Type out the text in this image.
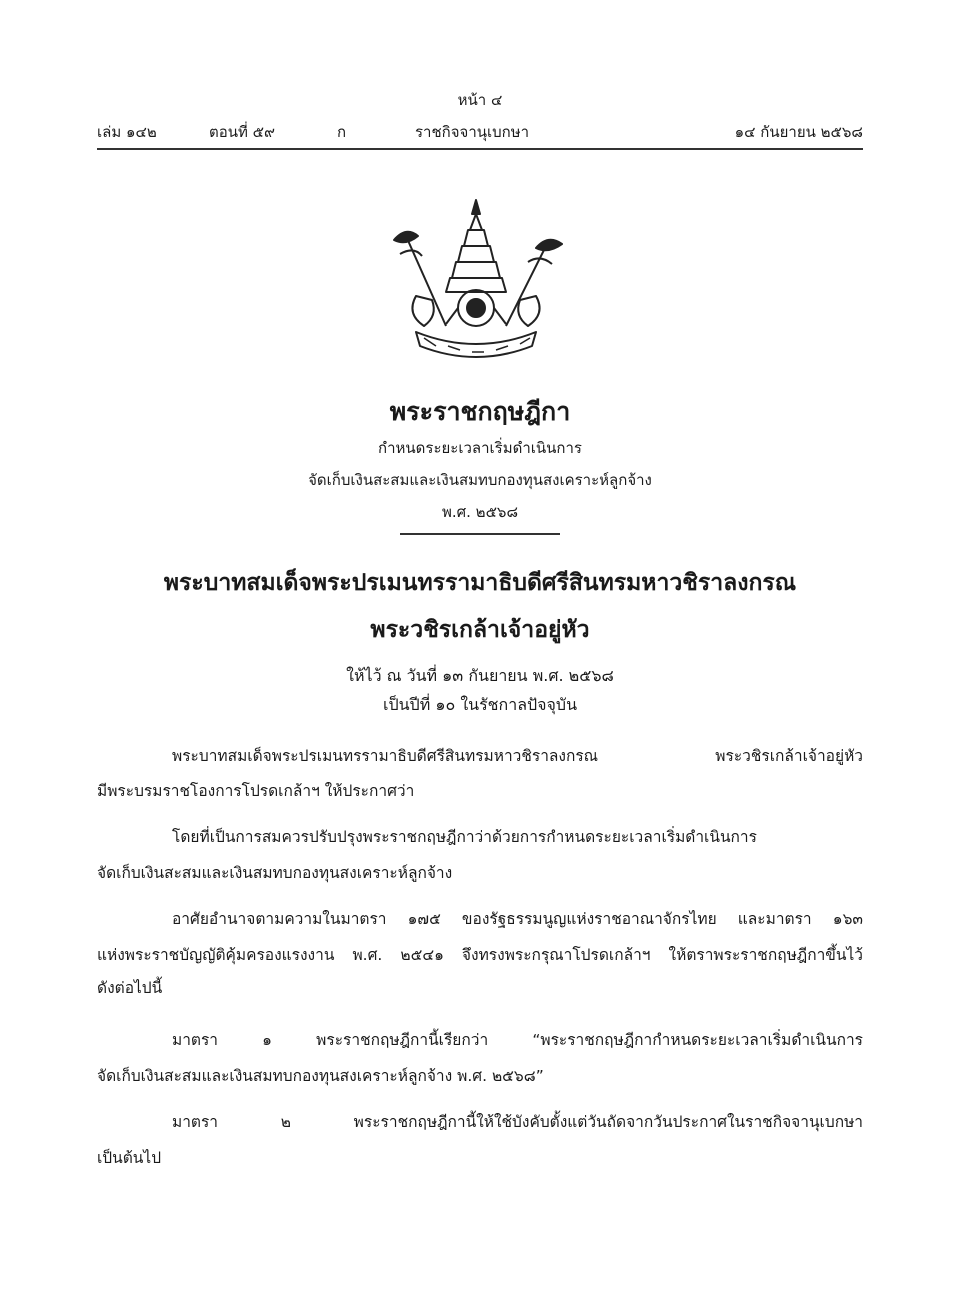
หน้า ๔
เล่ม ๑๔๒	ตอนที่ ๕๙	ก	ราชกิจจานุเบกษา	๑๔ กันยายน ๒๕๖๘
พระราชกฤษฎีกา
กำหนดระยะเวลาเริ่มดำเนินการ
จัดเก็บเงินสะสมและเงินสมทบกองทุนสงเคราะห์ลูกจ้าง
พ.ศ. ๒๕๖๘
พระบาทสมเด็จพระปรเมนทรรามาธิบดีศรีสินทรมหาวชิราลงกรณ
พระวชิรเกล้าเจ้าอยู่หัว
ให้ไว้ ณ วันที่ ๑๓ กันยายน พ.ศ. ๒๕๖๘
เป็นปีที่ ๑๐ ในรัชกาลปัจจุบัน
พระบาทสมเด็จพระปรเมนทรรามาธิบดีศรีสินทรมหาวชิราลงกรณ พระวชิรเกล้าเจ้าอยู่หัว
มีพระบรมราชโองการโปรดเกล้าฯ ให้ประกาศว่า
โดยที่เป็นการสมควรปรับปรุงพระราชกฤษฎีกาว่าด้วยการกำหนดระยะเวลาเริ่มดำเนินการ
จัดเก็บเงินสะสมและเงินสมทบกองทุนสงเคราะห์ลูกจ้าง
อาศัยอำนาจตามความในมาตรา ๑๗๕ ของรัฐธรรมนูญแห่งราชอาณาจักรไทย และมาตรา ๑๖๓
แห่งพระราชบัญญัติคุ้มครองแรงงาน พ.ศ. ๒๕๔๑ จึงทรงพระกรุณาโปรดเกล้าฯ ให้ตราพระราชกฤษฎีกาขึ้นไว้
ดังต่อไปนี้
มาตรา ๑ พระราชกฤษฎีกานี้เรียกว่า “พระราชกฤษฎีกากำหนดระยะเวลาเริ่มดำเนินการ
จัดเก็บเงินสะสมและเงินสมทบกองทุนสงเคราะห์ลูกจ้าง พ.ศ. ๒๕๖๘”
มาตรา ๒ พระราชกฤษฎีกานี้ให้ใช้บังคับตั้งแต่วันถัดจากวันประกาศในราชกิจจานุเบกษา
เป็นต้นไป
